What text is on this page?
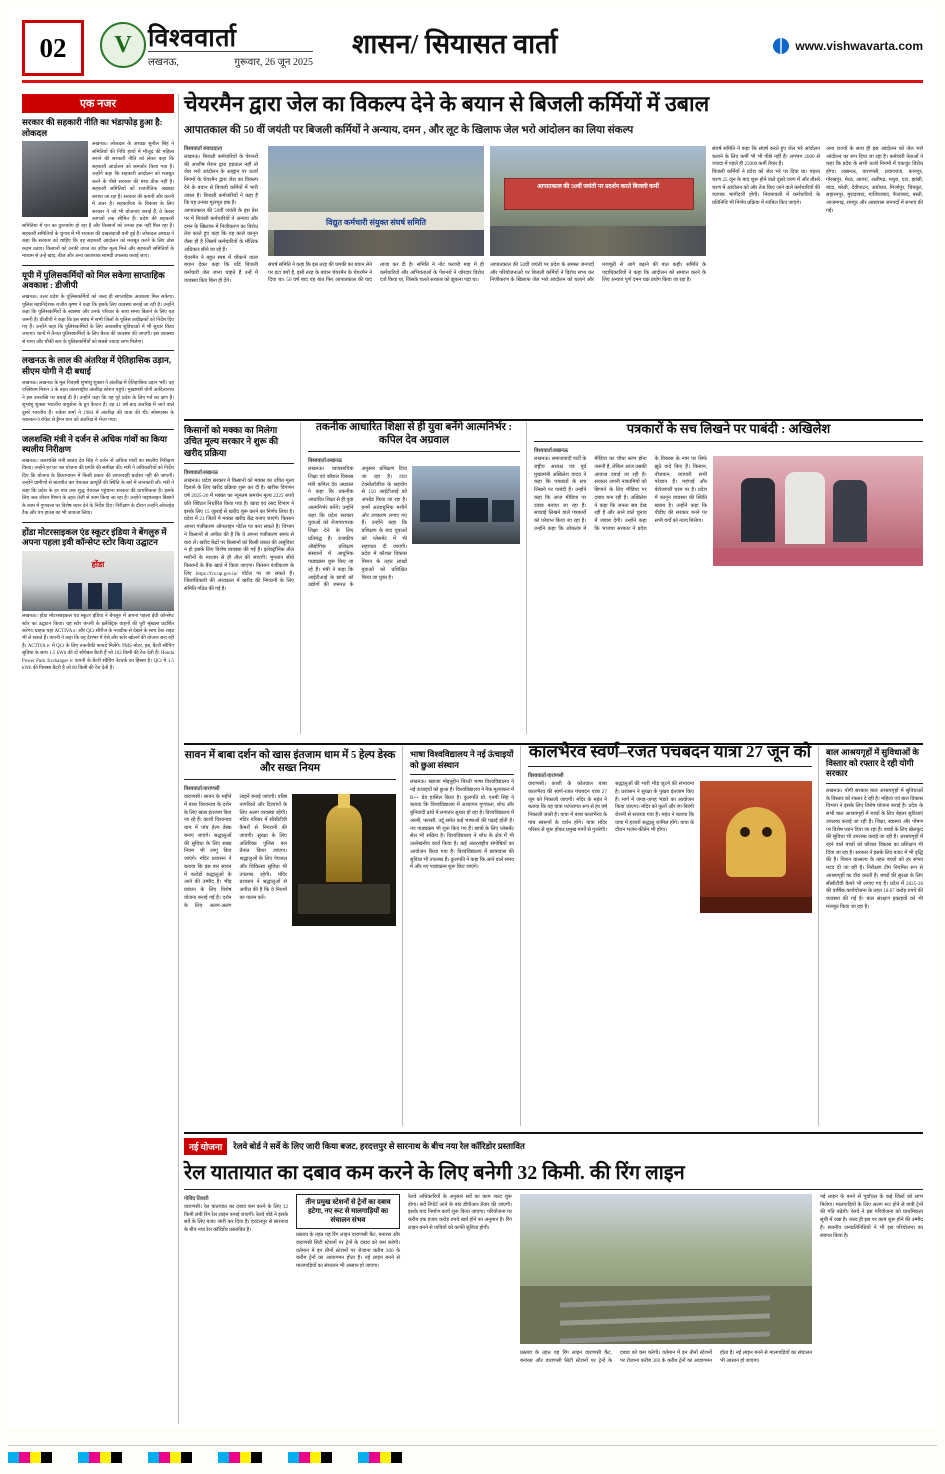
02	V विश्ववार्ता
लखनऊ,	गुरूवार, 26 जून 2025
शासन/ सियासत वार्ता	www.vishwavarta.com
एक नजर
सरकार की सहकारी नीति का भंडाफोड़ हुआ है: लोकदल
लखनऊ। लोकदल के अध्यक्ष सुनील सिंह ने समितियों की निधि हाथों में मौजूद की महिला बनाने की सरकारी नीति को लेकर कहा कि सहकारी आंदोलन को कमजोर किया गया है। उन्होंने कहा कि सहकारी आंदोलन को मजबूत करने के पीछे सरकार की मंशा ठीक नहीं है। सहकारी समितियों को राजनीतिक अखाड़ा बनाया जा रहा है। सरकार की कथनी और करनी में अंतर है। सहकारिता के विकास के लिए सरकार ने जो भी योजनाएं बनाई हैं, वे केवल कागजों तक सीमित हैं। प्रदेश की सहकारी समितियां में धन का दुरुपयोग हो रहा है और किसानों को उनका हक नहीं मिल रहा है। सहकारी समितियों के चुनाव में भी सरकार की दखलंदाजी बनी हुई है। लोकदल अध्यक्ष ने कहा कि सरकार को चाहिए कि वह सहकारी आंदोलन को मजबूत करने के लिए ठोस कदम उठाए। किसानों को उनकी उपज का उचित मूल्य मिले और सहकारी समितियों के माध्यम से उन्हें खाद, बीज और अन्य आवश्यक सामग्री उपलब्ध कराई जाए।
यूपी में पुलिसकर्मियों को मिल सकेगा साप्ताहिक अवकाश : डीजीपी
लखनऊ। उत्तर प्रदेश के पुलिसकर्मियों को जल्द ही साप्ताहिक अवकाश मिल सकेगा। पुलिस महानिदेशक राजीव कृष्ण ने कहा कि इसके लिए व्यवस्था बनाई जा रही है। उन्होंने कहा कि पुलिसकर्मियों के स्वास्थ्य और उनके परिवार के साथ समय बिताने के लिए यह जरूरी है। डीजीपी ने कहा कि इस संबंध में सभी जिलों के पुलिस अधीक्षकों को निर्देश दिए गए हैं। उन्होंने कहा कि पुलिसकर्मियों के लिए आवासीय सुविधाओं में भी सुधार किया जाएगा। थानों में तैनात पुलिसकर्मियों के लिए बैरक की व्यवस्था की जाएगी। इस व्यवस्था से थाना और चौकी स्तर के पुलिसकर्मियों को सबसे ज्यादा लाभ मिलेगा।
लखनऊ के लाल की अंतरिक्ष में ऐतिहासिक उड़ान, सीएम योगी ने दी बधाई
लखनऊ। लखनऊ के मूल निवासी शुभांशु शुक्ला ने अंतरिक्ष में ऐतिहासिक उड़ान भरी। वह एक्सियम मिशन 4 के तहत अंतरराष्ट्रीय अंतरिक्ष स्टेशन पहुंचे। मुख्यमंत्री योगी आदित्यनाथ ने इस उपलब्धि पर बधाई दी है। उन्होंने कहा कि यह पूरे प्रदेश के लिए गर्व का क्षण है। शुभांशु शुक्ला भारतीय वायुसेना के ग्रुप कैप्टन हैं। वह 41 वर्ष बाद अंतरिक्ष में जाने वाले दूसरे भारतीय हैं। राकेश शर्मा ने 1984 में अंतरिक्ष की यात्रा की थी। स्पेसएक्स के फाल्कन-9 रॉकेट से ड्रैगन यान को अंतरिक्ष में भेजा गया।
जलशक्ति मंत्री ने दर्जन से अधिक गांवों का किया स्थलीय निरीक्षण
लखनऊ। जलशक्ति मंत्री स्वतंत्र देव सिंह ने दर्जन से अधिक गांवों का स्थलीय निरीक्षण किया। उन्होंने हर घर नल योजना की प्रगति की समीक्षा की। मंत्री ने अधिकारियों को निर्देश दिए कि योजना के क्रियान्वयन में किसी प्रकार की लापरवाही बर्दाश्त नहीं की जाएगी। उन्होंने ग्रामीणों से बातचीत कर पेयजल आपूर्ति की स्थिति के बारे में जानकारी ली। मंत्री ने कहा कि प्रदेश के हर गांव तक शुद्ध पेयजल पहुंचाना सरकार की प्राथमिकता है। इसके लिए जल जीवन मिशन के तहत तेजी से काम किया जा रहा है। उन्होंने पाइपलाइन बिछाने के काम में गुणवत्ता पर विशेष ध्यान देने के निर्देश दिए। निरीक्षण के दौरान उन्होंने ओवरहेड टैंक और पंप हाउस का भी जायजा लिया।
होंडा मोटरसाइकल एंड स्कूटर इंडिया ने बेंगलुरु में अपना पहला इवी कॉन्सेप्ट स्टोर किया उद्घाटन
होंडा
लखनऊ। होंडा मोटरसाइकल एंड स्कूटर इंडिया ने बेंगलुरु में अपना पहला ईवी कॉन्सेप्ट स्टोर का उद्घाटन किया। यह स्टोर कंपनी के इलेक्ट्रिक वाहनों की पूरी श्रृंखला प्रदर्शित करेगा। ग्राहक यहां ACTIVA e: और QCt सीरीज के नजदीक से देखने के साथ टेस्ट राइड भी ले सकते हैं। कंपनी ने कहा कि वह देशभर में ऐसे और स्टोर खोलने की योजना बना रही है। ACTIVA e: में QCt के लिए तकनीकी फायदे मिलेंगे। PMS मोटर, हब, बैटरी स्वैपिंग सुविधा के साथ 1.5 kWh की दो स्वैपेबल बैटरी हैं जो 102 किमी की रेंज देती हैं। Honda Power Pack Exchanger e: कंपनी के बैटरी स्वैपिंग नेटवर्क का हिस्सा है। QCt में 1.5 kWh की फिक्स्ड बैटरी है जो 80 किमी की रेंज देती है।
चेयरमैन द्वारा जेल का विकल्प देने के बयान से बिजली कर्मियों में उबाल
आपातकाल की 50 वीं जयंती पर बिजली कर्मियों ने अन्याय, दमन , और लूट के खिलाफ जेल भरो आंदोलन का लिया संकल्प
विश्ववार्ता संवाददाता
लखनऊ। बिजली कर्मचारियों के पेंशनरों की आशीष मेंशन द्वारा हड़ताल नहीं तो जेल भरो आंदोलन के आह्वान पर ऊर्जा निगमों के चेयरमैन द्वारा जेल का विकल्प देने के बयान से बिजली कर्मियों में भारी उबाल है। बिजली कर्मचारियों ने कहा है कि यह उनका मूलभूत हक है।
आपातकाल की 50वीं जयंती के इस प्रेस पर में बिजली कर्मचारियों ने अन्याय और दमन के खिलाफ में निजीकरण का विरोध तेज करते हुए कहा कि यह काले कानून जैसा ही है जिसमें कर्मचारियों के मौलिक अधिकार छीने जा रहे हैं।
चेयरमैन ने बहुत स्पष्ट में चौंकाने वाला बयान देकर कहा कि यदि बिजली कर्मचारी जेल जाना चाहते हैं उन्हें में व्यवस्था किए बिना ही देंगे।
विद्युत कर्मचारी संयुक्त संघर्ष समिति
आपातकाल की 50वीं जयंती पर प्रदर्शन करते बिजली कर्मी
संघर्ष समिति ने कहा कि इस तरह की धमकी का बयान लेने पर डटा क्यों है, इसी तरह के बयान चेयरमैन के चेयरमैन ने दिया था। 50 वर्ष बाद यह बात फिर आपातकाल की याद ताजा कर दी है। समिति ने नोट फरवरी माह में ही कर्मचारियों और अभियंताओं के पेंशनरों ने जोरदार विरोध दर्ज किया था, जिसके चलते सरकार को झुकना पड़ा था।
आपातकाल की 50वीं जयंती पर प्रदेश के समस्त जनपदों और परियोजनाओं पर बिजली कर्मियों ने विरोध सभा कर निजीकरण के खिलाफ जेल भरो आंदोलन को चलाने और मजबूती से आगे बढ़ाने की बात कही। समिति के पदाधिकारियों ने कहा कि आंदोलन को समाप्त करने के लिए अन्याय पूर्ण दमन चक्र प्रयोग किया जा रहा है।
संघर्ष समिति ने कहा कि संघर्ष करते हुए जेल भरे आंदोलन चलाने के लिए कर्मी भी भी पीछे नहीं हैं। लगभग 2000 से ज्यादा में पहले ही 25000 कर्मी तैयार हैं।
बिजली कर्मियों ने प्रदेश को जेल भरे पर दिया था। पहला चरण 25 जून के बाद शुरू होने वाले दूसरे चरण में और तीसरे चरण में आंदोलन को और तेज किए जाने वाले कर्मचारियों की व्यापक भागीदारी होगी। नियमावली में कर्मचारियों के प्रतिनिधि भी निर्णय प्रक्रिया में शामिल किए जाएंगे।
अन्य राज्यों के साथ ही इस आंदोलन को जेल भरो आंदोलन का रूप दिया जा रहा है। कर्मचारी नेताओं ने कहा कि प्रदेश के सभी ऊर्जा निगमों में एकजुट विरोध होगा। लखनऊ, वाराणसी, प्रयागराज, कानपुर, गोरखपुर, मेरठ, आगरा, अलीगढ़, मथुरा, एटा, झांसी, बांदा, बरेली, देवीपाटन, अयोध्या, मिर्जापुर, चित्रकूट, सहारनपुर, मुरादाबाद, गाजियाबाद, फैजाबाद, बस्ती, आजमगढ़, रामपुर और आसपास जनपदों में सभाएं की गईं।
किसानों को मक्का का मिलेगा उचित मूल्य सरकार ने शुरू की खरीद प्रक्रिया
विश्ववार्ता/लखनऊ
लखनऊ। प्रदेश सरकार ने किसानों को मक्का का उचित मूल्य दिलाने के लिए खरीद प्रक्रिया शुरू कर दी है। खरीफ विपणन वर्ष 2025-26 में मक्का का न्यूनतम समर्थन मूल्य 2225 रुपये प्रति क्विंटल निर्धारित किया गया है। खाद्य एवं रसद विभाग ने इसके लिए 15 जुलाई से खरीद शुरू करने का निर्णय लिया है। प्रदेश में 23 जिलों में मक्का खरीद केंद्र बनाए जाएंगे। किसान अपना पंजीकरण ऑनलाइन पोर्टल पर करा सकते हैं। विभाग ने किसानों से अपील की है कि वे अपना पंजीकरण समय से करा लें। खरीद केंद्रों पर किसानों को किसी प्रकार की असुविधा न हो इसके लिए विशेष व्यवस्था की गई है। इलेक्ट्रॉनिक तौल मशीनों के माध्यम से ही तौल की जाएगी। भुगतान सीधे किसानों के बैंक खाते में किया जाएगा। किसान पंजीकरण के लिए https://fcs.up.gov.in/ पोर्टल पर जा सकते हैं। जिलाधिकारी की अध्यक्षता में खरीद की निगरानी के लिए समिति गठित की गई है।
तकनीक आधारित शिक्षा से ही युवा बनेंगे आत्मनिर्भर : कपिल देव अग्रवाल
विश्ववार्ता/लखनऊ
लखनऊ। व्यावसायिक शिक्षा एवं कौशल विकास मंत्री कपिल देव अग्रवाल ने कहा कि तकनीक आधारित शिक्षा से ही युवा आत्मनिर्भर बनेंगे। उन्होंने कहा कि प्रदेश सरकार युवाओं को रोजगारपरक शिक्षा देने के लिए प्रतिबद्ध है। राजकीय औद्योगिक प्रशिक्षण संस्थानों में आधुनिक पाठ्यक्रम शुरू किए जा रहे हैं। मंत्री ने कहा कि आईटीआई के छात्रों को उद्योगों की जरूरत के अनुसार प्रशिक्षण दिया जा रहा है। टाटा टेक्नोलॉजीज के सहयोग से 150 आईटीआई को अपग्रेड किया जा रहा है। इनमें अत्याधुनिक मशीनें और उपकरण लगाए गए हैं। उन्होंने कहा कि प्रशिक्षण के बाद युवाओं को प्लेसमेंट में भी सहायता दी जाएगी। प्रदेश में कौशल विकास मिशन के तहत लाखों युवाओं को प्रशिक्षित किया जा चुका है।
पत्रकारों के सच लिखने पर पाबंदी : अखिलेश
विश्ववार्ता/लखनऊ
लखनऊ। समाजवादी पार्टी के राष्ट्रीय अध्यक्ष एवं पूर्व मुख्यमंत्री अखिलेश यादव ने कहा कि पत्रकारों के सच लिखने पर पाबंदी है। उन्होंने कहा कि आज मीडिया पर दबाव बनाया जा रहा है। सच्चाई लिखने वाले पत्रकारों को परेशान किया जा रहा है। उन्होंने कहा कि लोकतंत्र में मीडिया का चौथा स्तंभ होना जरूरी है, लेकिन आज उसकी आवाज दबाई जा रही है। सरकार अपनी नाकामियों को छिपाने के लिए मीडिया पर दबाव बना रही है। अखिलेश ने कहा कि जनता सब देख रही है और आने वाले चुनाव में जवाब देगी। उन्होंने कहा कि भाजपा सरकार ने प्रदेश के विकास के नाम पर सिर्फ झूठे वादे किए हैं। किसान, नौजवान, व्यापारी सभी परेशान हैं। महंगाई और बेरोजगारी चरम पर है। प्रदेश में कानून व्यवस्था की स्थिति खराब है। उन्होंने कहा कि पीडीए की सरकार बनने पर सभी वर्गों को न्याय मिलेगा।
सावन में बाबा दर्शन को खास इंतजाम धाम में 5 हेल्प डेस्क और सख्त नियम
विश्ववार्ता/वाराणसी
वाराणसी। सावन के महीने में बाबा विश्वनाथ के दर्शन के लिए खास इंतजाम किए जा रहे हैं। काशी विश्वनाथ धाम में पांच हेल्प डेस्क बनाए जाएंगे। श्रद्धालुओं की सुविधा के लिए सख्त नियम भी लागू किए जाएंगे। मंदिर प्रशासन ने बताया कि इस बार सावन में करोड़ों श्रद्धालुओं के आने की उम्मीद है। भीड़ प्रबंधन के लिए विशेष योजना बनाई गई है। दर्शन के लिए अलग-अलग लाइनें बनाई जाएंगी। वरिष्ठ नागरिकों और दिव्यांगों के लिए अलग व्यवस्था रहेगी। मंदिर परिसर में सीसीटीवी कैमरों से निगरानी की जाएगी। सुरक्षा के लिए अतिरिक्त पुलिस बल तैनात किया जाएगा। श्रद्धालुओं के लिए पेयजल और चिकित्सा सुविधा भी उपलब्ध रहेगी। मंदिर प्रशासन ने श्रद्धालुओं से अपील की है कि वे नियमों का पालन करें।
भाषा विश्वविद्यालय ने नई ऊंचाइयों को छुआ संस्थान
लखनऊ। ख्वाजा मोइनुद्दीन चिश्ती भाषा विश्वविद्यालय ने नई ऊंचाइयों को छुआ है। विश्वविद्यालय ने नैक मूल्यांकन में B++ ग्रेड हासिल किया है। कुलपति प्रो. एनबी सिंह ने बताया कि विश्वविद्यालय में अध्यापन गुणवत्ता, शोध और बुनियादी ढांचे में लगातार सुधार हो रहा है। विश्वविद्यालय में अरबी, फारसी, उर्दू समेत कई भाषाओं की पढ़ाई होती है। नए पाठ्यक्रम भी शुरू किए गए हैं। छात्रों के लिए प्लेसमेंट सेल भी सक्रिय है। विश्वविद्यालय ने शोध के क्षेत्र में भी उल्लेखनीय कार्य किया है। कई अंतरराष्ट्रीय संगोष्ठियों का आयोजन किया गया है। विश्वविद्यालय में छात्रावास की सुविधा भी उपलब्ध है। कुलपति ने कहा कि आने वाले समय में और नए पाठ्यक्रम शुरू किए जाएंगे।
कालभैरव स्वर्ण–रजत पंचबदन यात्रा 27 जून को
विश्ववार्ता/वाराणसी
वाराणसी। काशी के कोतवाल बाबा कालभैरव की स्वर्ण-रजत पंचबदन यात्रा 27 जून को निकाली जाएगी। मंदिर के महंत ने बताया कि यह यात्रा परंपरागत रूप से हर वर्ष निकाली जाती है। यात्रा में बाबा कालभैरव के पांच स्वरूपों के दर्शन होंगे। यात्रा मंदिर परिसर से शुरू होकर प्रमुख मार्गों से गुजरेगी। श्रद्धालुओं की भारी भीड़ जुटने की संभावना है। प्रशासन ने सुरक्षा के पुख्ता इंतजाम किए हैं। मार्ग में जगह-जगह भंडारे का आयोजन किया जाएगा। मंदिर को फूलों और रंग-बिरंगी रोशनी से सजाया गया है। महंत ने बताया कि यात्रा में हजारों श्रद्धालु शामिल होंगे। यात्रा के दौरान भजन-कीर्तन भी होगा।
बाल आश्रयगृहों में सुविधाओं के विस्तार को रफ्तार दे रही योगी सरकार
लखनऊ। योगी सरकार बाल आश्रयगृहों में सुविधाओं के विस्तार को रफ्तार दे रही है। महिला एवं बाल विकास विभाग ने इसके लिए विशेष योजना बनाई है। प्रदेश के सभी बाल आश्रयगृहों में बच्चों के लिए बेहतर सुविधाएं उपलब्ध कराई जा रही हैं। शिक्षा, स्वास्थ्य और पोषण पर विशेष ध्यान दिया जा रहा है। बच्चों के लिए खेलकूद की सुविधा भी उपलब्ध कराई जा रही है। आश्रयगृहों में रहने वाले बच्चों को कौशल विकास का प्रशिक्षण भी दिया जा रहा है। सरकार ने इसके लिए बजट में भी वृद्धि की है। मिशन वात्सल्य के तहत बच्चों को हर संभव मदद दी जा रही है। निरीक्षण टीम नियमित रूप से आश्रयगृहों का दौरा करती है। बच्चों की सुरक्षा के लिए सीसीटीवी कैमरे भी लगाए गए हैं। प्रदेश में 2025-26 की वार्षिक कार्ययोजना के तहत 10.67 करोड़ रुपये की व्यवस्था की गई है। बाल संरक्षण इकाइयों को भी मजबूत किया जा रहा है।
नई योजना	रेलवे बोर्ड ने सर्वे के लिए जारी किया बजट, हरदत्तपुर से सारनाथ के बीच नया रेल कॉरिडोर प्रस्तावित
रेल यातायात का दबाव कम करने के लिए बनेगी 32 किमी. की रिंग लाइन
गोविंद तिवारी
वाराणसी। रेल यातायात का दबाव कम करने के लिए 32 किमी लंबी रिंग रेल लाइन बनाई जाएगी। रेलवे बोर्ड ने इसके सर्वे के लिए बजट जारी कर दिया है। हरदत्तपुर से सारनाथ के बीच नया रेल कॉरिडोर प्रस्तावित है।
तीन प्रमुख स्टेशनों से ट्रेनों का दबाव हटेगा, नए रूट से मालगाड़ियों का संचालन संभव
प्रस्ताव के तहत यह रिंग लाइन वाराणसी कैंट, बनारस और वाराणसी सिटी स्टेशनों पर ट्रेनों के दबाव को कम करेगी। वर्तमान में इन तीनों स्टेशनों पर रोजाना करीब 300 के करीब ट्रेनों का आवागमन होता है। नई लाइन बनने से मालगाड़ियों का संचालन भी आसान हो जाएगा।
रेलवे अधिकारियों के अनुसार सर्वे का काम जल्द शुरू होगा। सर्वे रिपोर्ट आने के बाद डीपीआर तैयार की जाएगी। इसके बाद निर्माण कार्य शुरू किया जाएगा। परियोजना पर करीब एक हजार करोड़ रुपये खर्च होने का अनुमान है। रिंग लाइन बनने से यात्रियों को काफी सुविधा होगी।
नई लाइन के बनने से पूर्वांचल के कई जिलों को लाभ मिलेगा। मालगाड़ियों के लिए अलग रूट होने से यात्री ट्रेनों की गति बढ़ेगी। रेलवे ने इस परियोजना को प्राथमिकता सूची में रखा है। जल्द ही इस पर काम शुरू होने की उम्मीद है। स्थानीय जनप्रतिनिधियों ने भी इस परियोजना का स्वागत किया है।
प्रस्ताव के तहत यह रिंग लाइन वाराणसी कैंट, बनारस और वाराणसी सिटी स्टेशनों पर ट्रेनों के दबाव को कम करेगी। वर्तमान में इन तीनों स्टेशनों पर रोजाना करीब 300 के करीब ट्रेनों का आवागमन होता है। नई लाइन बनने से मालगाड़ियों का संचालन भी आसान हो जाएगा।
